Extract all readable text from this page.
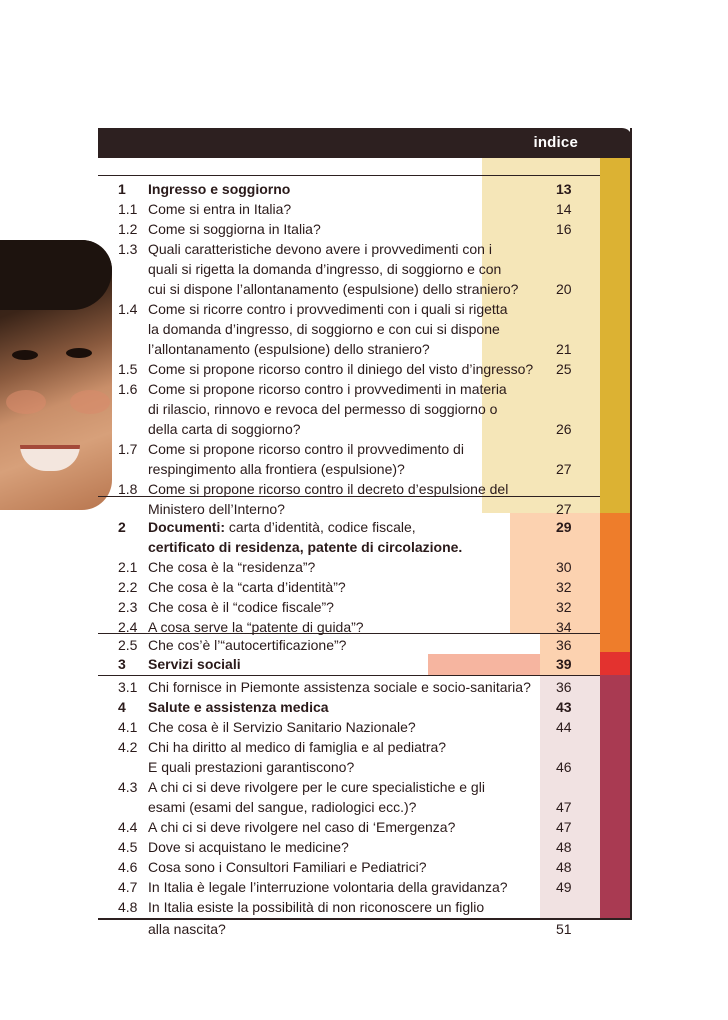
indice
1 Ingresso e soggiorno	13
1.1 Come si entra in Italia?	14
1.2 Come si soggiorna in Italia?	16
1.3 Quali caratteristiche devono avere i provvedimenti con i
quali si rigetta la domanda d’ingresso, di soggiorno e con
cui si dispone l’allontanamento (espulsione) dello straniero?	20
1.4 Come si ricorre contro i provvedimenti con i quali si rigetta
la domanda d’ingresso, di soggiorno e con cui si dispone
l’allontanamento (espulsione) dello straniero?	21
1.5 Come si propone ricorso contro il diniego del visto d’ingresso? 25
1.6 Come si propone ricorso contro i provvedimenti in materia
di rilascio, rinnovo e revoca del permesso di soggiorno o
della carta di soggiorno?	26
1.7 Come si propone ricorso contro il provvedimento di
respingimento alla frontiera (espulsione)?	27
1.8 Come si propone ricorso contro il decreto d’espulsione del
Ministero dell’Interno?	27
2 Documenti: carta d’identità, codice fiscale,	29
certificato di residenza, patente di circolazione.
2.1 Che cosa è la “residenza”?	30
2.2 Che cosa è la “carta d’identità”?	32
2.3 Che cosa è il “codice fiscale”?	32
2.4 A cosa serve la “patente di guida”?	34
2.5 Che cos’è l’“autocertificazione”?	36
3 Servizi sociali	39
3.1 Chi fornisce in Piemonte assistenza sociale e socio-sanitaria? 36
4 Salute e assistenza medica	43
4.1 Che cosa è il Servizio Sanitario Nazionale?	44
4.2 Chi ha diritto al medico di famiglia e al pediatra?
E quali prestazioni garantiscono?	46
4.3 A chi ci si deve rivolgere per le cure specialistiche e gli
esami (esami del sangue, radiologici ecc.)?	47
4.4 A chi ci si deve rivolgere nel caso di ‘Emergenza?	47
4.5 Dove si acquistano le medicine?	48
4.6 Cosa sono i Consultori Familiari e Pediatrici?	48
4.7 In Italia è legale l’interruzione volontaria della gravidanza?	49
4.8 In Italia esiste la possibilità di non riconoscere un figlio
alla nascita?	51
